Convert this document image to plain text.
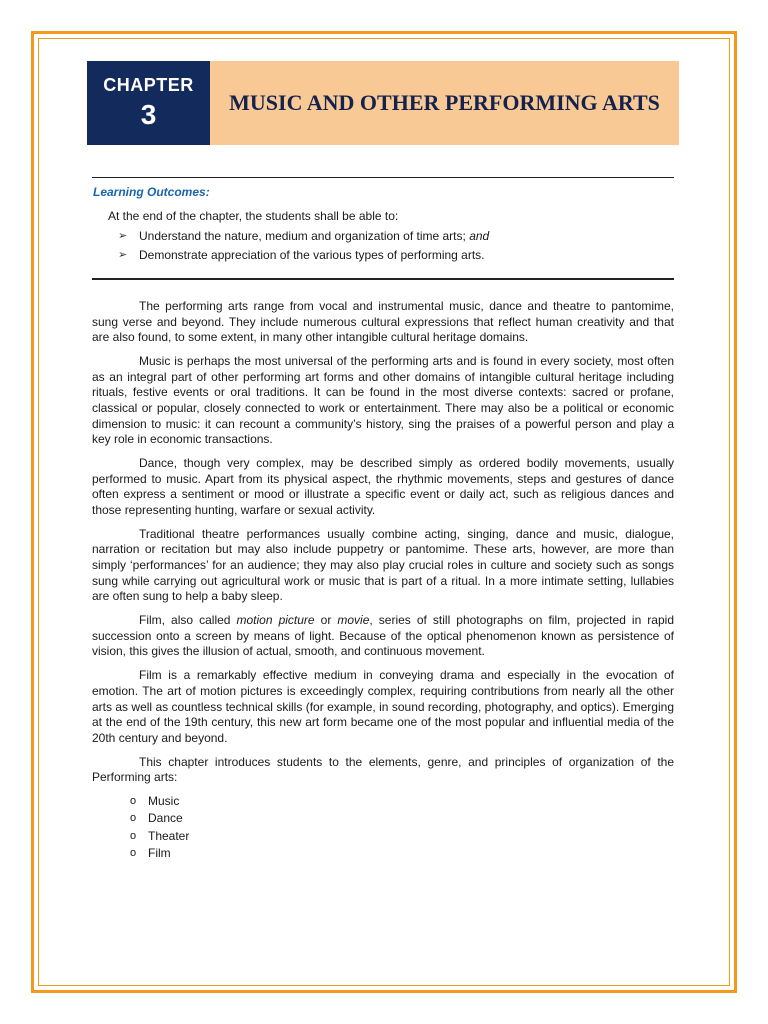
CHAPTER
3	MUSIC AND OTHER PERFORMING ARTS
Learning Outcomes:
At the end of the chapter, the students shall be able to:
➢ Understand the nature, medium and organization of time arts; and
➢ Demonstrate appreciation of the various types of performing arts.

The performing arts range from vocal and instrumental music, dance and theatre to pantomime, sung verse and beyond. They include numerous cultural expressions that reflect human creativity and that are also found, to some extent, in many other intangible cultural heritage domains.

Music is perhaps the most universal of the performing arts and is found in every society, most often as an integral part of other performing art forms and other domains of intangible cultural heritage including rituals, festive events or oral traditions. It can be found in the most diverse contexts: sacred or profane, classical or popular, closely connected to work or entertainment. There may also be a political or economic dimension to music: it can recount a community’s history, sing the praises of a powerful person and play a key role in economic transactions.

Dance, though very complex, may be described simply as ordered bodily movements, usually performed to music. Apart from its physical aspect, the rhythmic movements, steps and gestures of dance often express a sentiment or mood or illustrate a specific event or daily act, such as religious dances and those representing hunting, warfare or sexual activity.

Traditional theatre performances usually combine acting, singing, dance and music, dialogue, narration or recitation but may also include puppetry or pantomime. These arts, however, are more than simply ‘performances’ for an audience; they may also play crucial roles in culture and society such as songs sung while carrying out agricultural work or music that is part of a ritual. In a more intimate setting, lullabies are often sung to help a baby sleep.

Film, also called motion picture or movie, series of still photographs on film, projected in rapid succession onto a screen by means of light. Because of the optical phenomenon known as persistence of vision, this gives the illusion of actual, smooth, and continuous movement.

Film is a remarkably effective medium in conveying drama and especially in the evocation of emotion. The art of motion pictures is exceedingly complex, requiring contributions from nearly all the other arts as well as countless technical skills (for example, in sound recording, photography, and optics). Emerging at the end of the 19th century, this new art form became one of the most popular and influential media of the 20th century and beyond.

This chapter introduces students to the elements, genre, and principles of organization of the Performing arts:

o Music
o Dance
o Theater
o Film
